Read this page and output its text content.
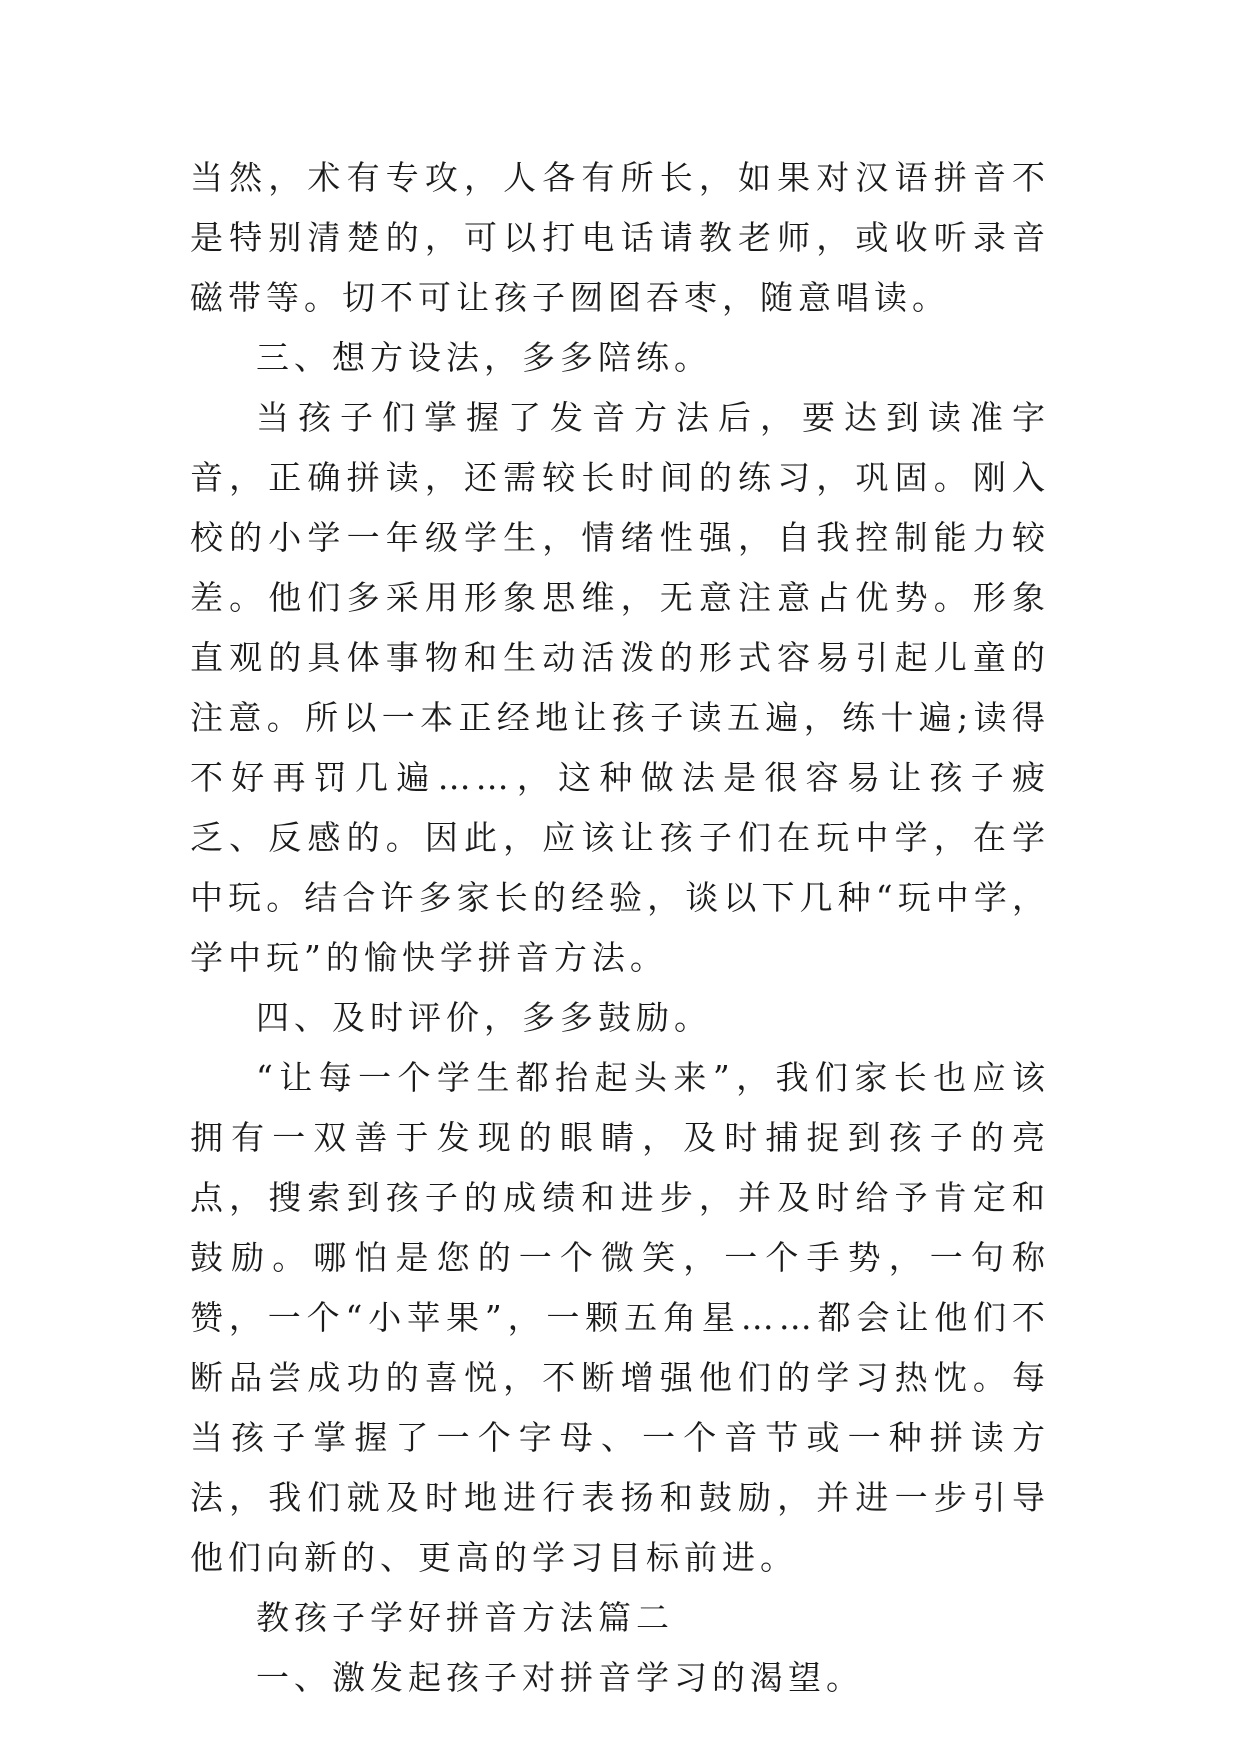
当然，术有专攻，人各有所长，如果对汉语拼音不是特别清楚的，可以打电话请教老师，或收听录音磁带等。切不可让孩子囫囵吞枣，随意唱读。

三、想方设法，多多陪练。

当孩子们掌握了发音方法后，要达到读准字音，正确拼读，还需较长时间的练习，巩固。刚入校的小学一年级学生，情绪性强，自我控制能力较差。他们多采用形象思维，无意注意占优势。形象直观的具体事物和生动活泼的形式容易引起儿童的注意。所以一本正经地让孩子读五遍，练十遍;读得不好再罚几遍……，这种做法是很容易让孩子疲乏、反感的。因此，应该让孩子们在玩中学，在学中玩。结合许多家长的经验，谈以下几种“玩中学，学中玩”的愉快学拼音方法。

四、及时评价，多多鼓励。

“让每一个学生都抬起头来”，我们家长也应该拥有一双善于发现的眼睛，及时捕捉到孩子的亮点，搜索到孩子的成绩和进步，并及时给予肯定和鼓励。哪怕是您的一个微笑，一个手势，一句称赞，一个“小苹果”，一颗五角星……都会让他们不断品尝成功的喜悦，不断增强他们的学习热忱。每当孩子掌握了一个字母、一个音节或一种拼读方法，我们就及时地进行表扬和鼓励，并进一步引导他们向新的、更高的学习目标前进。

教孩子学好拼音方法篇二

一、激发起孩子对拼音学习的渴望。
